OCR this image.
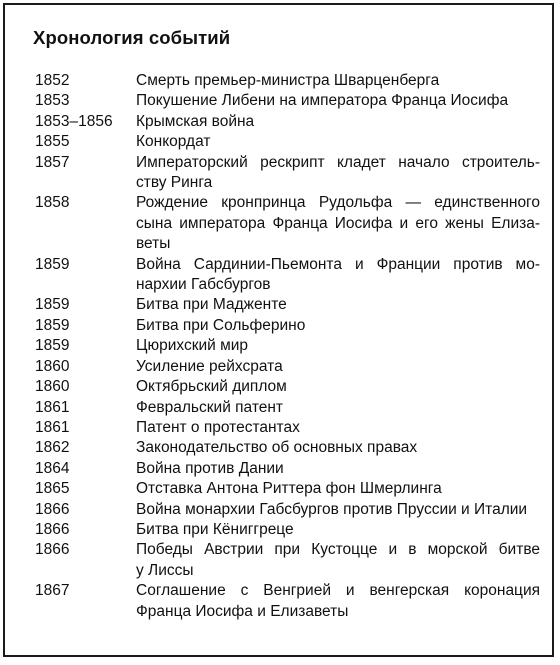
Хронология событий
1852	Смерть премьер-министра Шварценберга
1853	Покушение Либени на императора Франца Иосифа
1853–1856	Крымская война
1855	Конкордат
1857	Императорский рескрипт кладет начало строитель-
ству Ринга
1858	Рождение кронпринца Рудольфа — единственного
сына императора Франца Иосифа и его жены Елиза-
веты
1859	Война Сардинии-Пьемонта и Франции против мо-
нархии Габсбургов
1859	Битва при Мадженте
1859	Битва при Сольферино
1859	Цюрихский мир
1860	Усиление рейхсрата
1860	Октябрьский диплом
1861	Февральский патент
1861	Патент о протестантах
1862	Законодательство об основных правах
1864	Война против Дании
1865	Отставка Антона Риттера фон Шмерлинга
1866	Война монархии Габсбургов против Пруссии и Италии
1866	Битва при Кёниггреце
1866	Победы Австрии при Кустоцце и в морской битве
у Лиссы
1867	Соглашение с Венгрией и венгерская коронация
Франца Иосифа и Елизаветы
